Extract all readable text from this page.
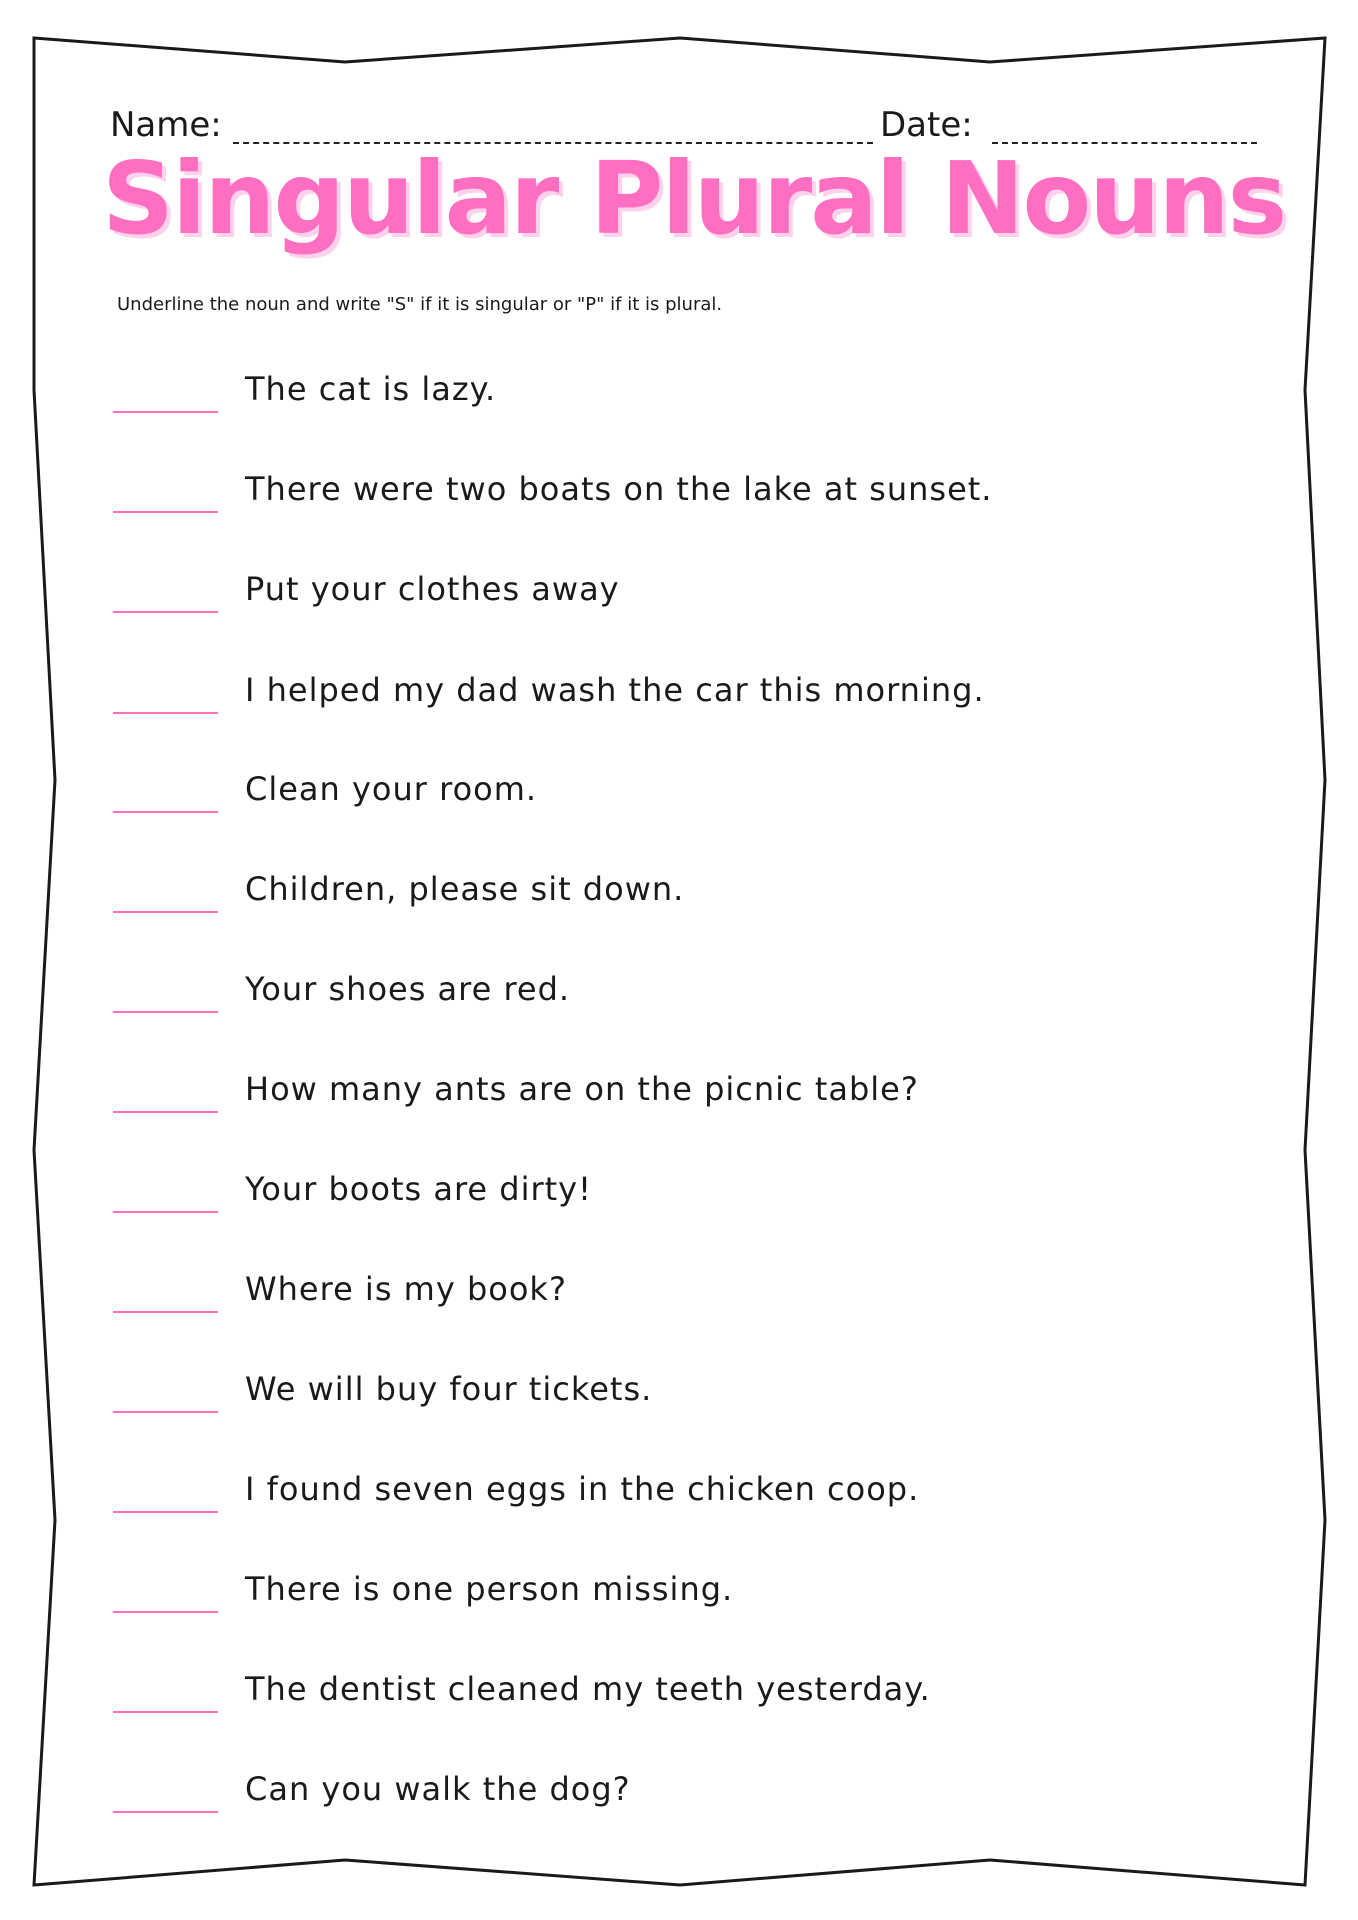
Name:	Date:
Singular Plural Nouns
Underline the noun and write "S" if it is singular or "P" if it is plural.
The cat is lazy.
There were two boats on the lake at sunset.
Put your clothes away
I helped my dad wash the car this morning.
Clean your room.
Children, please sit down.
Your shoes are red.
How many ants are on the picnic table?
Your boots are dirty!
Where is my book?
We will buy four tickets.
I found seven eggs in the chicken coop.
There is one person missing.
The dentist cleaned my teeth yesterday.
Can you walk the dog?
